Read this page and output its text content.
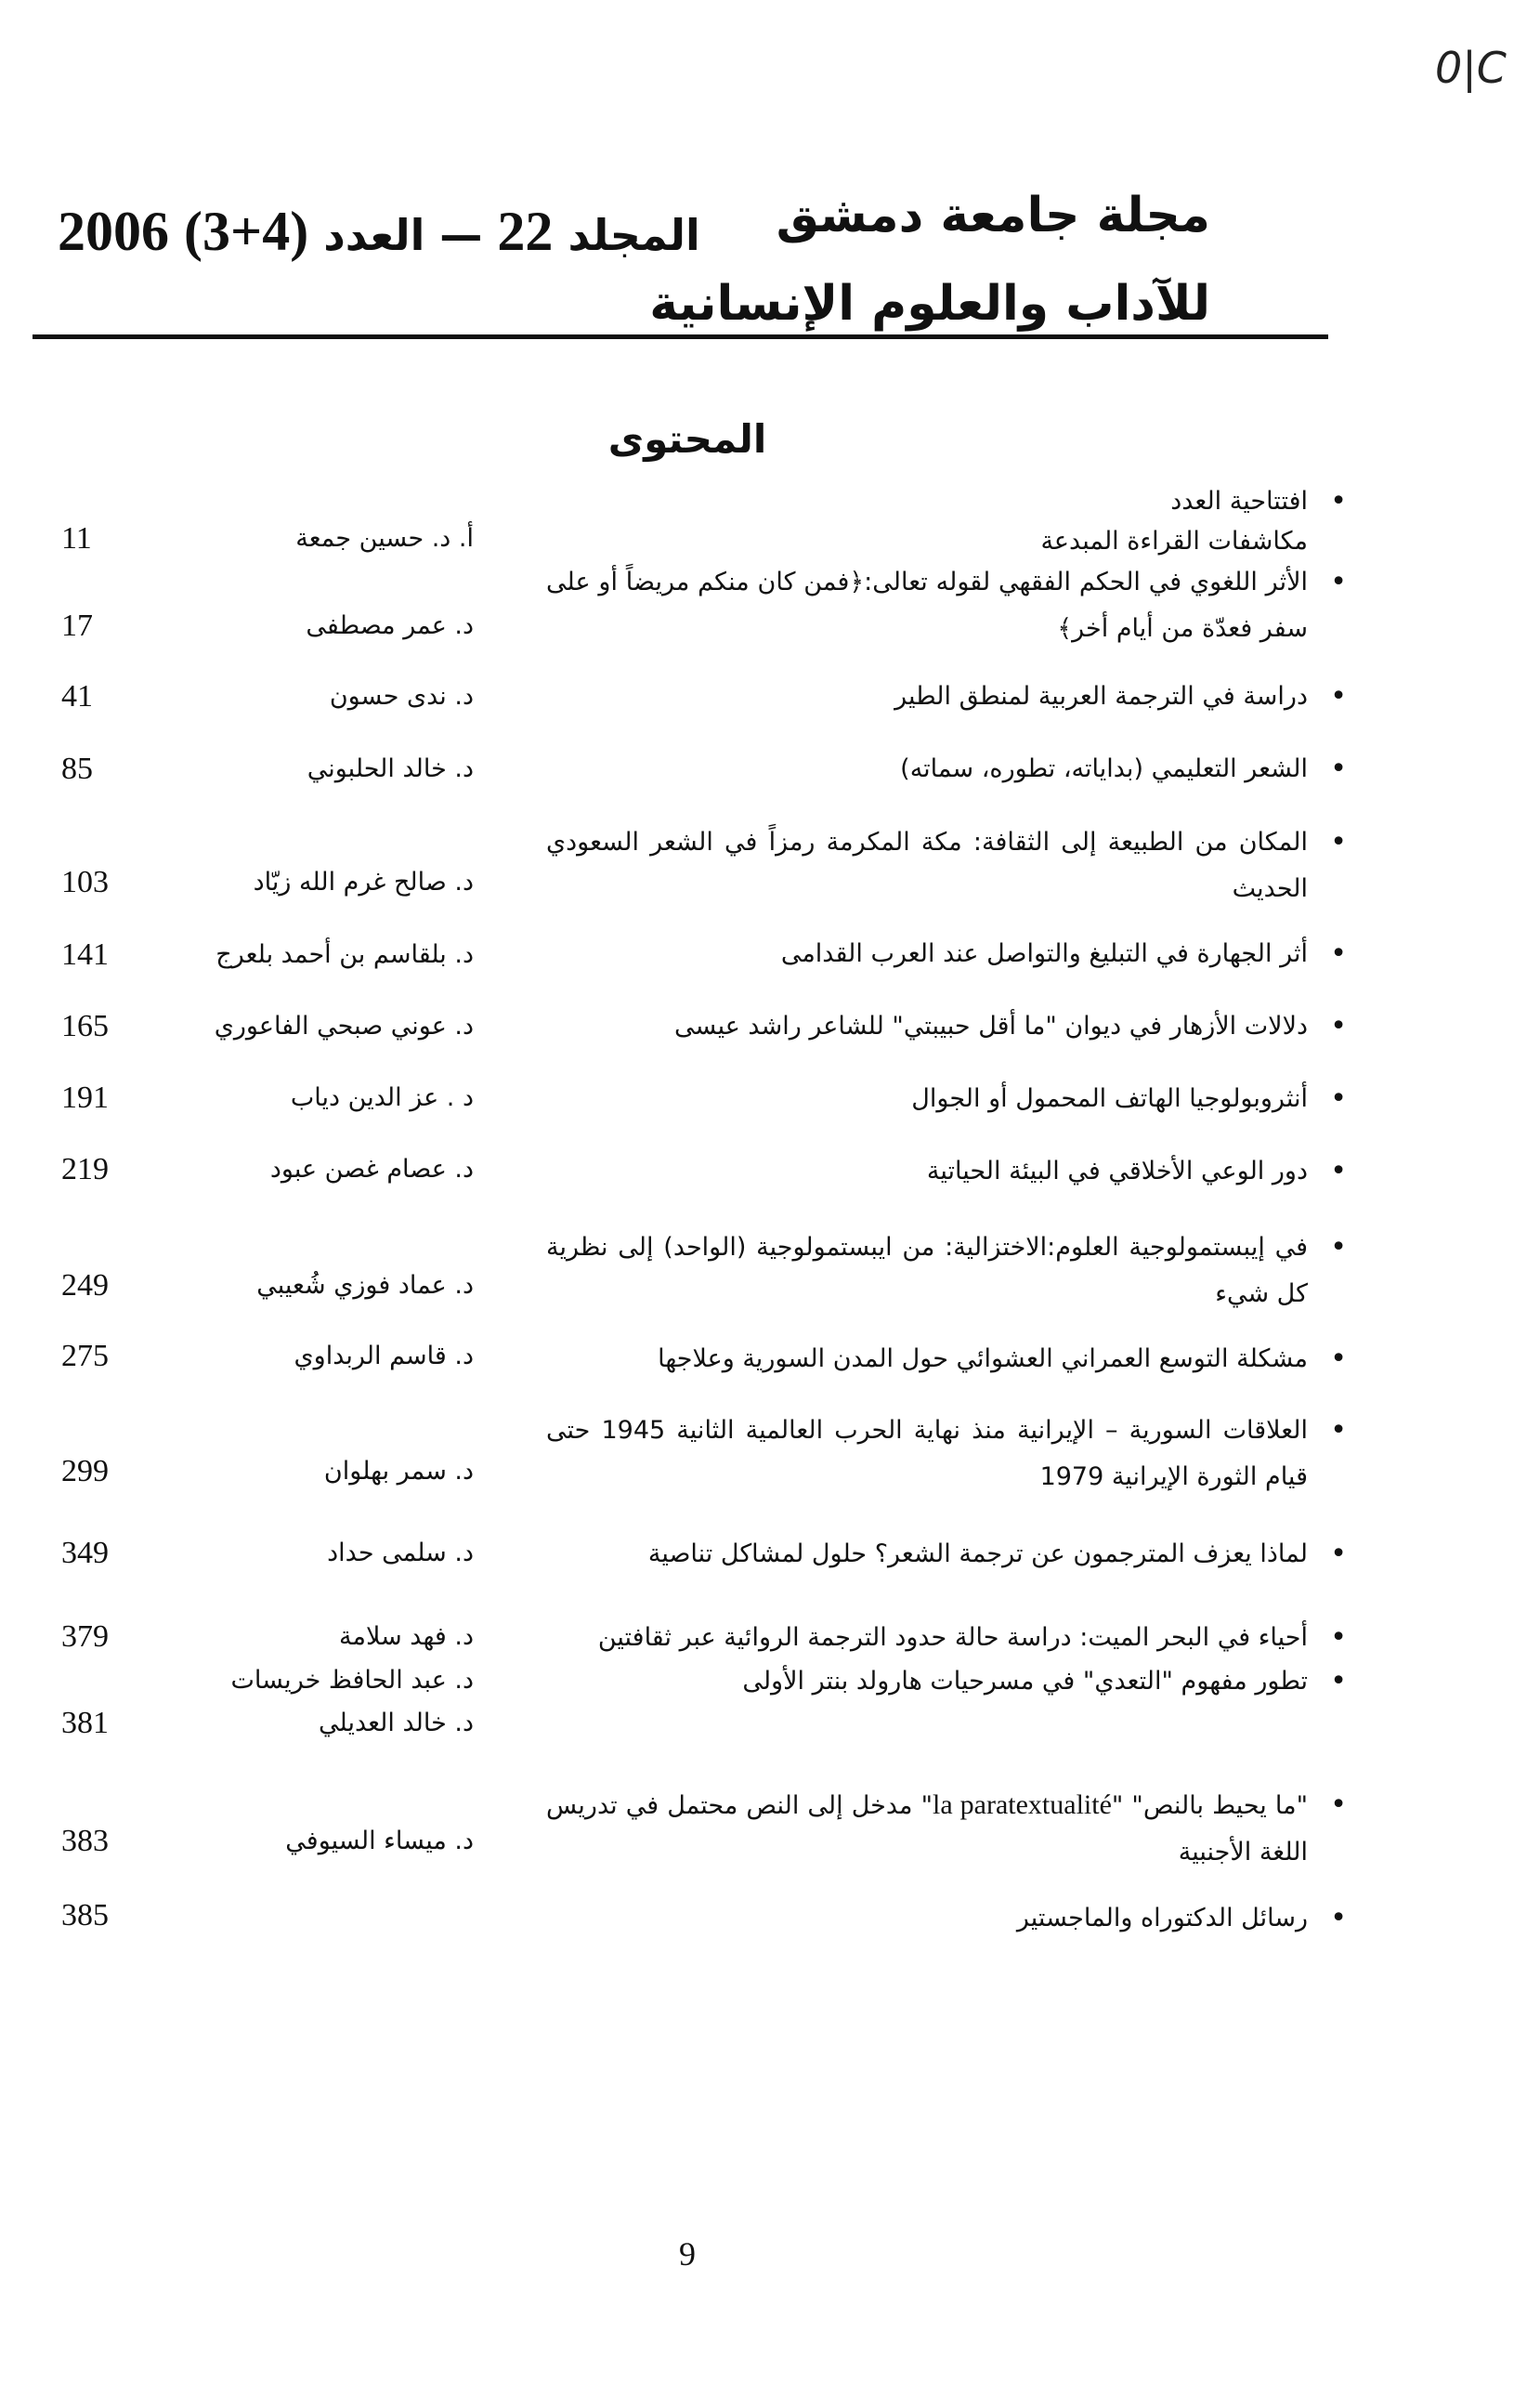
0|C
مجلة جامعة دمشق
للآداب والعلوم الإنسانية
المجلد 22 — العدد (4+3) 2006
المحتوى
• افتتاحية العدد
مكاشفات القراءة المبدعة
أ. د. حسين جمعة
11
• الأثر اللغوي في الحكم الفقهي لقوله تعالى:﴿فمن كان منكم مريضاً أو على سفر فعدّة من أيام أخر﴾
د. عمر مصطفى
17
• دراسة في الترجمة العربية لمنطق الطير
د. ندى حسون
41
• الشعر التعليمي (بداياته، تطوره، سماته)
د. خالد الحلبوني
85
• المكان من الطبيعة إلى الثقافة: مكة المكرمة رمزاً في الشعر السعودي الحديث
د. صالح غرم الله زيّاد
103
• أثر الجهارة في التبليغ والتواصل عند العرب القدامى
د. بلقاسم بن أحمد بلعرج
141
• دلالات الأزهار في ديوان "ما أقل حبيبتي" للشاعر راشد عيسى
د. عوني صبحي الفاعوري
165
• أنثروبولوجيا الهاتف المحمول أو الجوال
د . عز الدين دياب
191
• دور الوعي الأخلاقي في البيئة الحياتية
د. عصام غصن عبود
219
• في إيبستمولوجية العلوم:الاختزالية: من ايبستمولوجية (الواحد) إلى نظرية كل شيء
د. عماد فوزي شُعيبي
249
• مشكلة التوسع العمراني العشوائي حول المدن السورية وعلاجها
د. قاسم الربداوي
275
• العلاقات السورية – الإيرانية منذ نهاية الحرب العالمية الثانية 1945 حتى قيام الثورة الإيرانية 1979
د. سمر بهلوان
299
• لماذا يعزف المترجمون عن ترجمة الشعر؟ حلول لمشاكل تناصية
د. سلمى حداد
349
• أحياء في البحر الميت: دراسة حالة حدود الترجمة الروائية عبر ثقافتين
د. فهد سلامة
379
• تطور مفهوم "التعدي" في مسرحيات هارولد بنتر الأولى
د. عبد الحافظ خريسات
د. خالد العديلي
381
• "ما يحيط بالنص" "la paratextualité" مدخل إلى النص محتمل في تدريس اللغة الأجنبية
د. ميساء السيوفي
383
• رسائل الدكتوراه والماجستير
385
9
